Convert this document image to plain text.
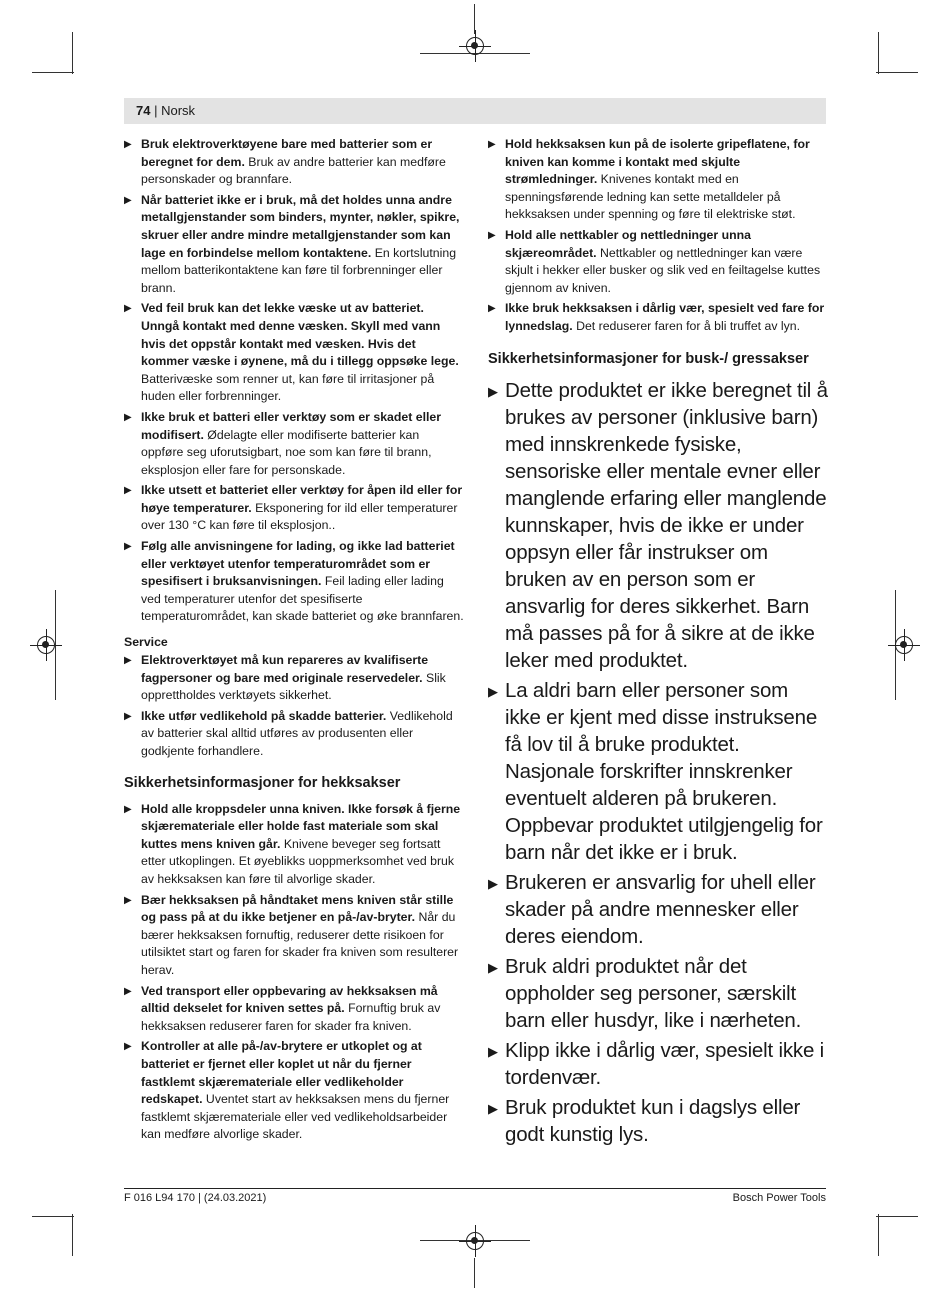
74 | Norsk
▶ Bruk elektroverktøyene bare med batterier som er beregnet for dem. Bruk av andre batterier kan medføre personskader og brannfare.
▶ Når batteriet ikke er i bruk, må det holdes unna andre metallgjenstander som binders, mynter, nøkler, spikre, skruer eller andre mindre metallgjenstander som kan lage en forbindelse mellom kontaktene. En kortslutning mellom batterikontaktene kan føre til forbrenninger eller brann.
▶ Ved feil bruk kan det lekke væske ut av batteriet. Unngå kontakt med denne væsken. Skyll med vann hvis det oppstår kontakt med væsken. Hvis det kommer væske i øynene, må du i tillegg oppsøke lege. Batterivæske som renner ut, kan føre til irritasjoner på huden eller forbrenninger.
▶ Ikke bruk et batteri eller verktøy som er skadet eller modifisert. Ødelagte eller modifiserte batterier kan oppføre seg uforutsigbart, noe som kan føre til brann, eksplosjon eller fare for personskade.
▶ Ikke utsett et batteriet eller verktøy for åpen ild eller for høye temperaturer. Eksponering for ild eller temperaturer over 130 °C kan føre til eksplosjon..
▶ Følg alle anvisningene for lading, og ikke lad batteriet eller verktøyet utenfor temperaturområdet som er spesifisert i bruksanvisningen. Feil lading eller lading ved temperaturer utenfor det spesifiserte temperaturområdet, kan skade batteriet og øke brannfaren.
Service
▶ Elektroverktøyet må kun repareres av kvalifiserte fagpersoner og bare med originale reservedeler. Slik opprettholdes verktøyets sikkerhet.
▶ Ikke utfør vedlikehold på skadde batterier. Vedlikehold av batterier skal alltid utføres av produsenten eller godkjente forhandlere.
Sikkerhetsinformasjoner for hekksakser
▶ Hold alle kroppsdeler unna kniven. Ikke forsøk å fjerne skjæremateriale eller holde fast materiale som skal kuttes mens kniven går. Knivene beveger seg fortsatt etter utkoplingen. Et øyeblikks uoppmerksomhet ved bruk av hekksaksen kan føre til alvorlige skader.
▶ Bær hekksaksen på håndtaket mens kniven står stille og pass på at du ikke betjener en på-/av-bryter. Når du bærer hekksaksen fornuftig, reduserer dette risikoen for utilsiktet start og faren for skader fra kniven som resulterer herav.
▶ Ved transport eller oppbevaring av hekksaksen må alltid dekselet for kniven settes på. Fornuftig bruk av hekksaksen reduserer faren for skader fra kniven.
▶ Kontroller at alle på-/av-brytere er utkoplet og at batteriet er fjernet eller koplet ut når du fjerner fastklemt skjæremateriale eller vedlikeholder redskapet. Uventet start av hekksaksen mens du fjerner fastklemt skjæremateriale eller ved vedlikeholdsarbeider kan medføre alvorlige skader.
▶ Hold hekksaksen kun på de isolerte gripeflatene, for kniven kan komme i kontakt med skjulte strømledninger. Knivenes kontakt med en spenningsførende ledning kan sette metalldeler på hekksaksen under spenning og føre til elektriske støt.
▶ Hold alle nettkabler og nettledninger unna skjæreområdet. Nettkabler og nettledninger kan være skjult i hekker eller busker og slik ved en feiltagelse kuttes gjennom av kniven.
▶ Ikke bruk hekksaksen i dårlig vær, spesielt ved fare for lynnedslag. Det reduserer faren for å bli truffet av lyn.
Sikkerhetsinformasjoner for busk-/ gressakser
▶ Dette produktet er ikke beregnet til å brukes av personer (inklusive barn) med innskrenkede fysiske, sensoriske eller mentale evner eller manglende erfaring eller manglende kunnskaper, hvis de ikke er under oppsyn eller får instrukser om bruken av en person som er ansvarlig for deres sikkerhet. Barn må passes på for å sikre at de ikke leker med produktet.
▶ La aldri barn eller personer som ikke er kjent med disse instruksene få lov til å bruke produktet. Nasjonale forskrifter innskrenker eventuelt alderen på brukeren. Oppbevar produktet utilgjengelig for barn når det ikke er i bruk.
▶ Brukeren er ansvarlig for uhell eller skader på andre mennesker eller deres eiendom.
▶ Bruk aldri produktet når det oppholder seg personer, særskilt barn eller husdyr, like i nærheten.
▶ Klipp ikke i dårlig vær, spesielt ikke i tordenvær.
▶ Bruk produktet kun i dagslys eller godt kunstig lys.
F 016 L94 170 | (24.03.2021)	Bosch Power Tools
